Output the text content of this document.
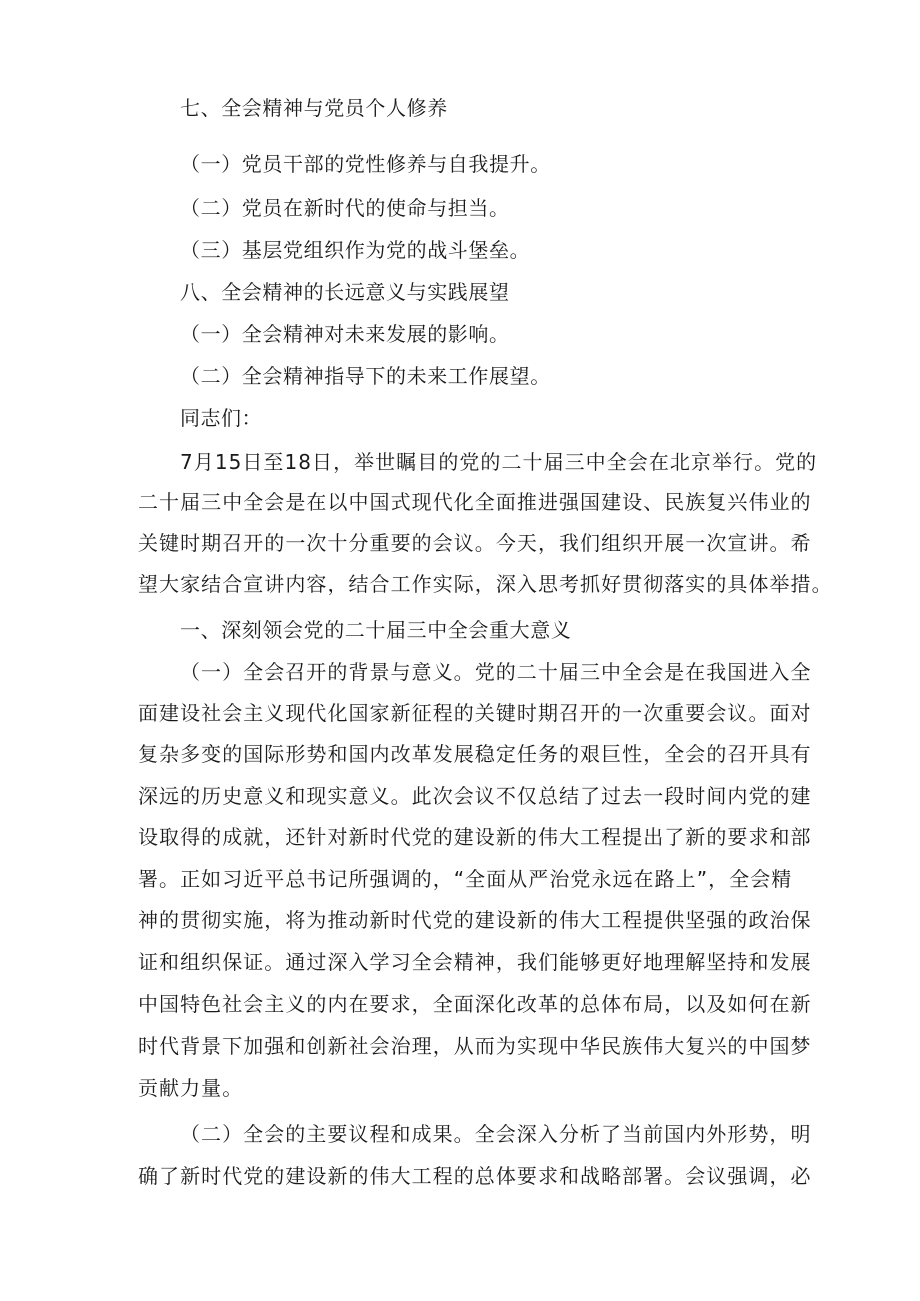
七、全会精神与党员个人修养
（一）党员干部的党性修养与自我提升。
（二）党员在新时代的使命与担当。
（三）基层党组织作为党的战斗堡垒。
八、全会精神的长远意义与实践展望
（一）全会精神对未来发展的影响。
（二）全会精神指导下的未来工作展望。
同志们：
7月15日至18日，举世瞩目的党的二十届三中全会在北京举行。党的
二十届三中全会是在以中国式现代化全面推进强国建设、民族复兴伟业的
关键时期召开的一次十分重要的会议。今天，我们组织开展一次宣讲。希
望大家结合宣讲内容，结合工作实际，深入思考抓好贯彻落实的具体举措。
一、深刻领会党的二十届三中全会重大意义
（一）全会召开的背景与意义。党的二十届三中全会是在我国进入全
面建设社会主义现代化国家新征程的关键时期召开的一次重要会议。面对
复杂多变的国际形势和国内改革发展稳定任务的艰巨性，全会的召开具有
深远的历史意义和现实意义。此次会议不仅总结了过去一段时间内党的建
设取得的成就，还针对新时代党的建设新的伟大工程提出了新的要求和部
署。正如习近平总书记所强调的，“全面从严治党永远在路上”，全会精
神的贯彻实施，将为推动新时代党的建设新的伟大工程提供坚强的政治保
证和组织保证。通过深入学习全会精神，我们能够更好地理解坚持和发展
中国特色社会主义的内在要求，全面深化改革的总体布局，以及如何在新
时代背景下加强和创新社会治理，从而为实现中华民族伟大复兴的中国梦
贡献力量。
（二）全会的主要议程和成果。全会深入分析了当前国内外形势，明
确了新时代党的建设新的伟大工程的总体要求和战略部署。会议强调，必
